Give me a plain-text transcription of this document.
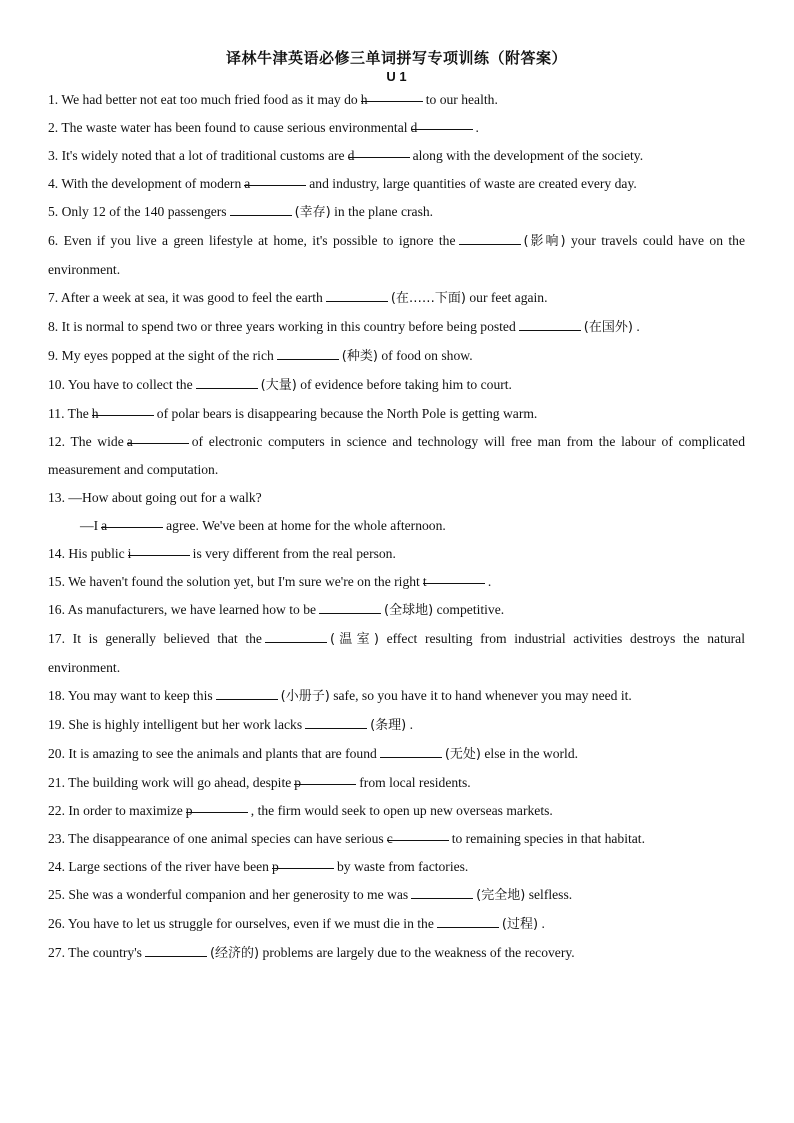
译林牛津英语必修三单词拼写专项训练（附答案）
U 1
1. We had better not eat too much fried food as it may do h	to our health.
2. The waste water has been found to cause serious environmental d	.
3. It's widely noted that a lot of traditional customs are d	along with the development of the society.
4. With the development of modern a	and industry, large quantities of waste are created every day.
5. Only 12 of the 140 passengers	(幸存) in the plane crash.
6. Even if you live a green lifestyle at home, it's possible to ignore the	(影响) your travels could have on the environment.
7. After a week at sea, it was good to feel the earth	(在……下面) our feet again.
8. It is normal to spend two or three years working in this country before being posted	(在国外) .
9. My eyes popped at the sight of the rich	(种类) of food on show.
10. You have to collect the	(大量) of evidence before taking him to court.
11. The h	of polar bears is disappearing because the North Pole is getting warm.
12. The wide a	of electronic computers in science and technology will free man from the labour of complicated measurement and computation.
13. —How about going out for a walk?
—I a	agree. We've been at home for the whole afternoon.
14. His public i	is very different from the real person.
15. We haven't found the solution yet, but I'm sure we're on the right t	.
16. As manufacturers, we have learned how to be	(全球地) competitive.
17. It is generally believed that the	(温室) effect resulting from industrial activities destroys the natural environment.
18. You may want to keep this	(小册子) safe, so you have it to hand whenever you may need it.
19. She is highly intelligent but her work lacks	(条理) .
20. It is amazing to see the animals and plants that are found	(无处) else in the world.
21. The building work will go ahead, despite p	from local residents.
22. In order to maximize p	, the firm would seek to open up new overseas markets.
23. The disappearance of one animal species can have serious c	to remaining species in that habitat.
24. Large sections of the river have been p	by waste from factories.
25. She was a wonderful companion and her generosity to me was	(完全地) selfless.
26. You have to let us struggle for ourselves, even if we must die in the	(过程) .
27. The country's	(经济的) problems are largely due to the weakness of the recovery.
